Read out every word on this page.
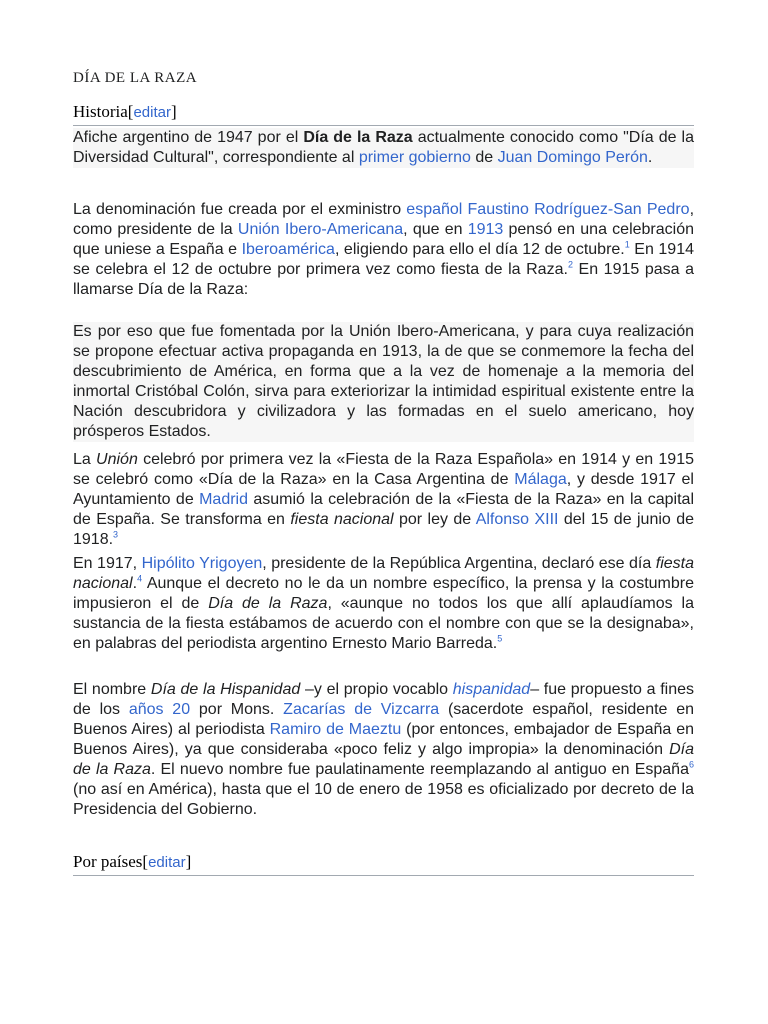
DÍA DE LA RAZA
Historia[editar]
Afiche argentino de 1947 por el Día de la Raza actualmente conocido como "Día de la Diversidad Cultural", correspondiente al primer gobierno de Juan Domingo Perón.
La denominación fue creada por el exministro español Faustino Rodríguez-San Pedro, como presidente de la Unión Ibero-Americana, que en 1913 pensó en una celebración que uniese a España e Iberoamérica, eligiendo para ello el día 12 de octubre.$^1$ En 1914 se celebra el 12 de octubre por primera vez como fiesta de la Raza.$^2$ En 1915 pasa a llamarse Día de la Raza:
Es por eso que fue fomentada por la Unión Ibero-Americana, y para cuya realización se propone efectuar activa propaganda en 1913, la de que se conmemore la fecha del descubrimiento de América, en forma que a la vez de homenaje a la memoria del inmortal Cristóbal Colón, sirva para exteriorizar la intimidad espiritual existente entre la Nación descubridora y civilizadora y las formadas en el suelo americano, hoy prósperos Estados.
La Unión celebró por primera vez la «Fiesta de la Raza Española» en 1914 y en 1915 se celebró como «Día de la Raza» en la Casa Argentina de Málaga, y desde 1917 el Ayuntamiento de Madrid asumió la celebración de la «Fiesta de la Raza» en la capital de España. Se transforma en fiesta nacional por ley de Alfonso XIII del 15 de junio de 1918.$^3$
En 1917, Hipólito Yrigoyen, presidente de la República Argentina, declaró ese día fiesta nacional.$^4$ Aunque el decreto no le da un nombre específico, la prensa y la costumbre impusieron el de Día de la Raza, «aunque no todos los que allí aplaudíamos la sustancia de la fiesta estábamos de acuerdo con el nombre con que se la designaba», en palabras del periodista argentino Ernesto Mario Barreda.$^5$
El nombre Día de la Hispanidad –y el propio vocablo hispanidad– fue propuesto a fines de los años 20 por Mons. Zacarías de Vizcarra (sacerdote español, residente en Buenos Aires) al periodista Ramiro de Maeztu (por entonces, embajador de España en Buenos Aires), ya que consideraba «poco feliz y algo impropia» la denominación Día de la Raza. El nuevo nombre fue paulatinamente reemplazando al antiguo en España$^6$ (no así en América), hasta que el 10 de enero de 1958 es oficializado por decreto de la Presidencia del Gobierno.
Por países[editar]
